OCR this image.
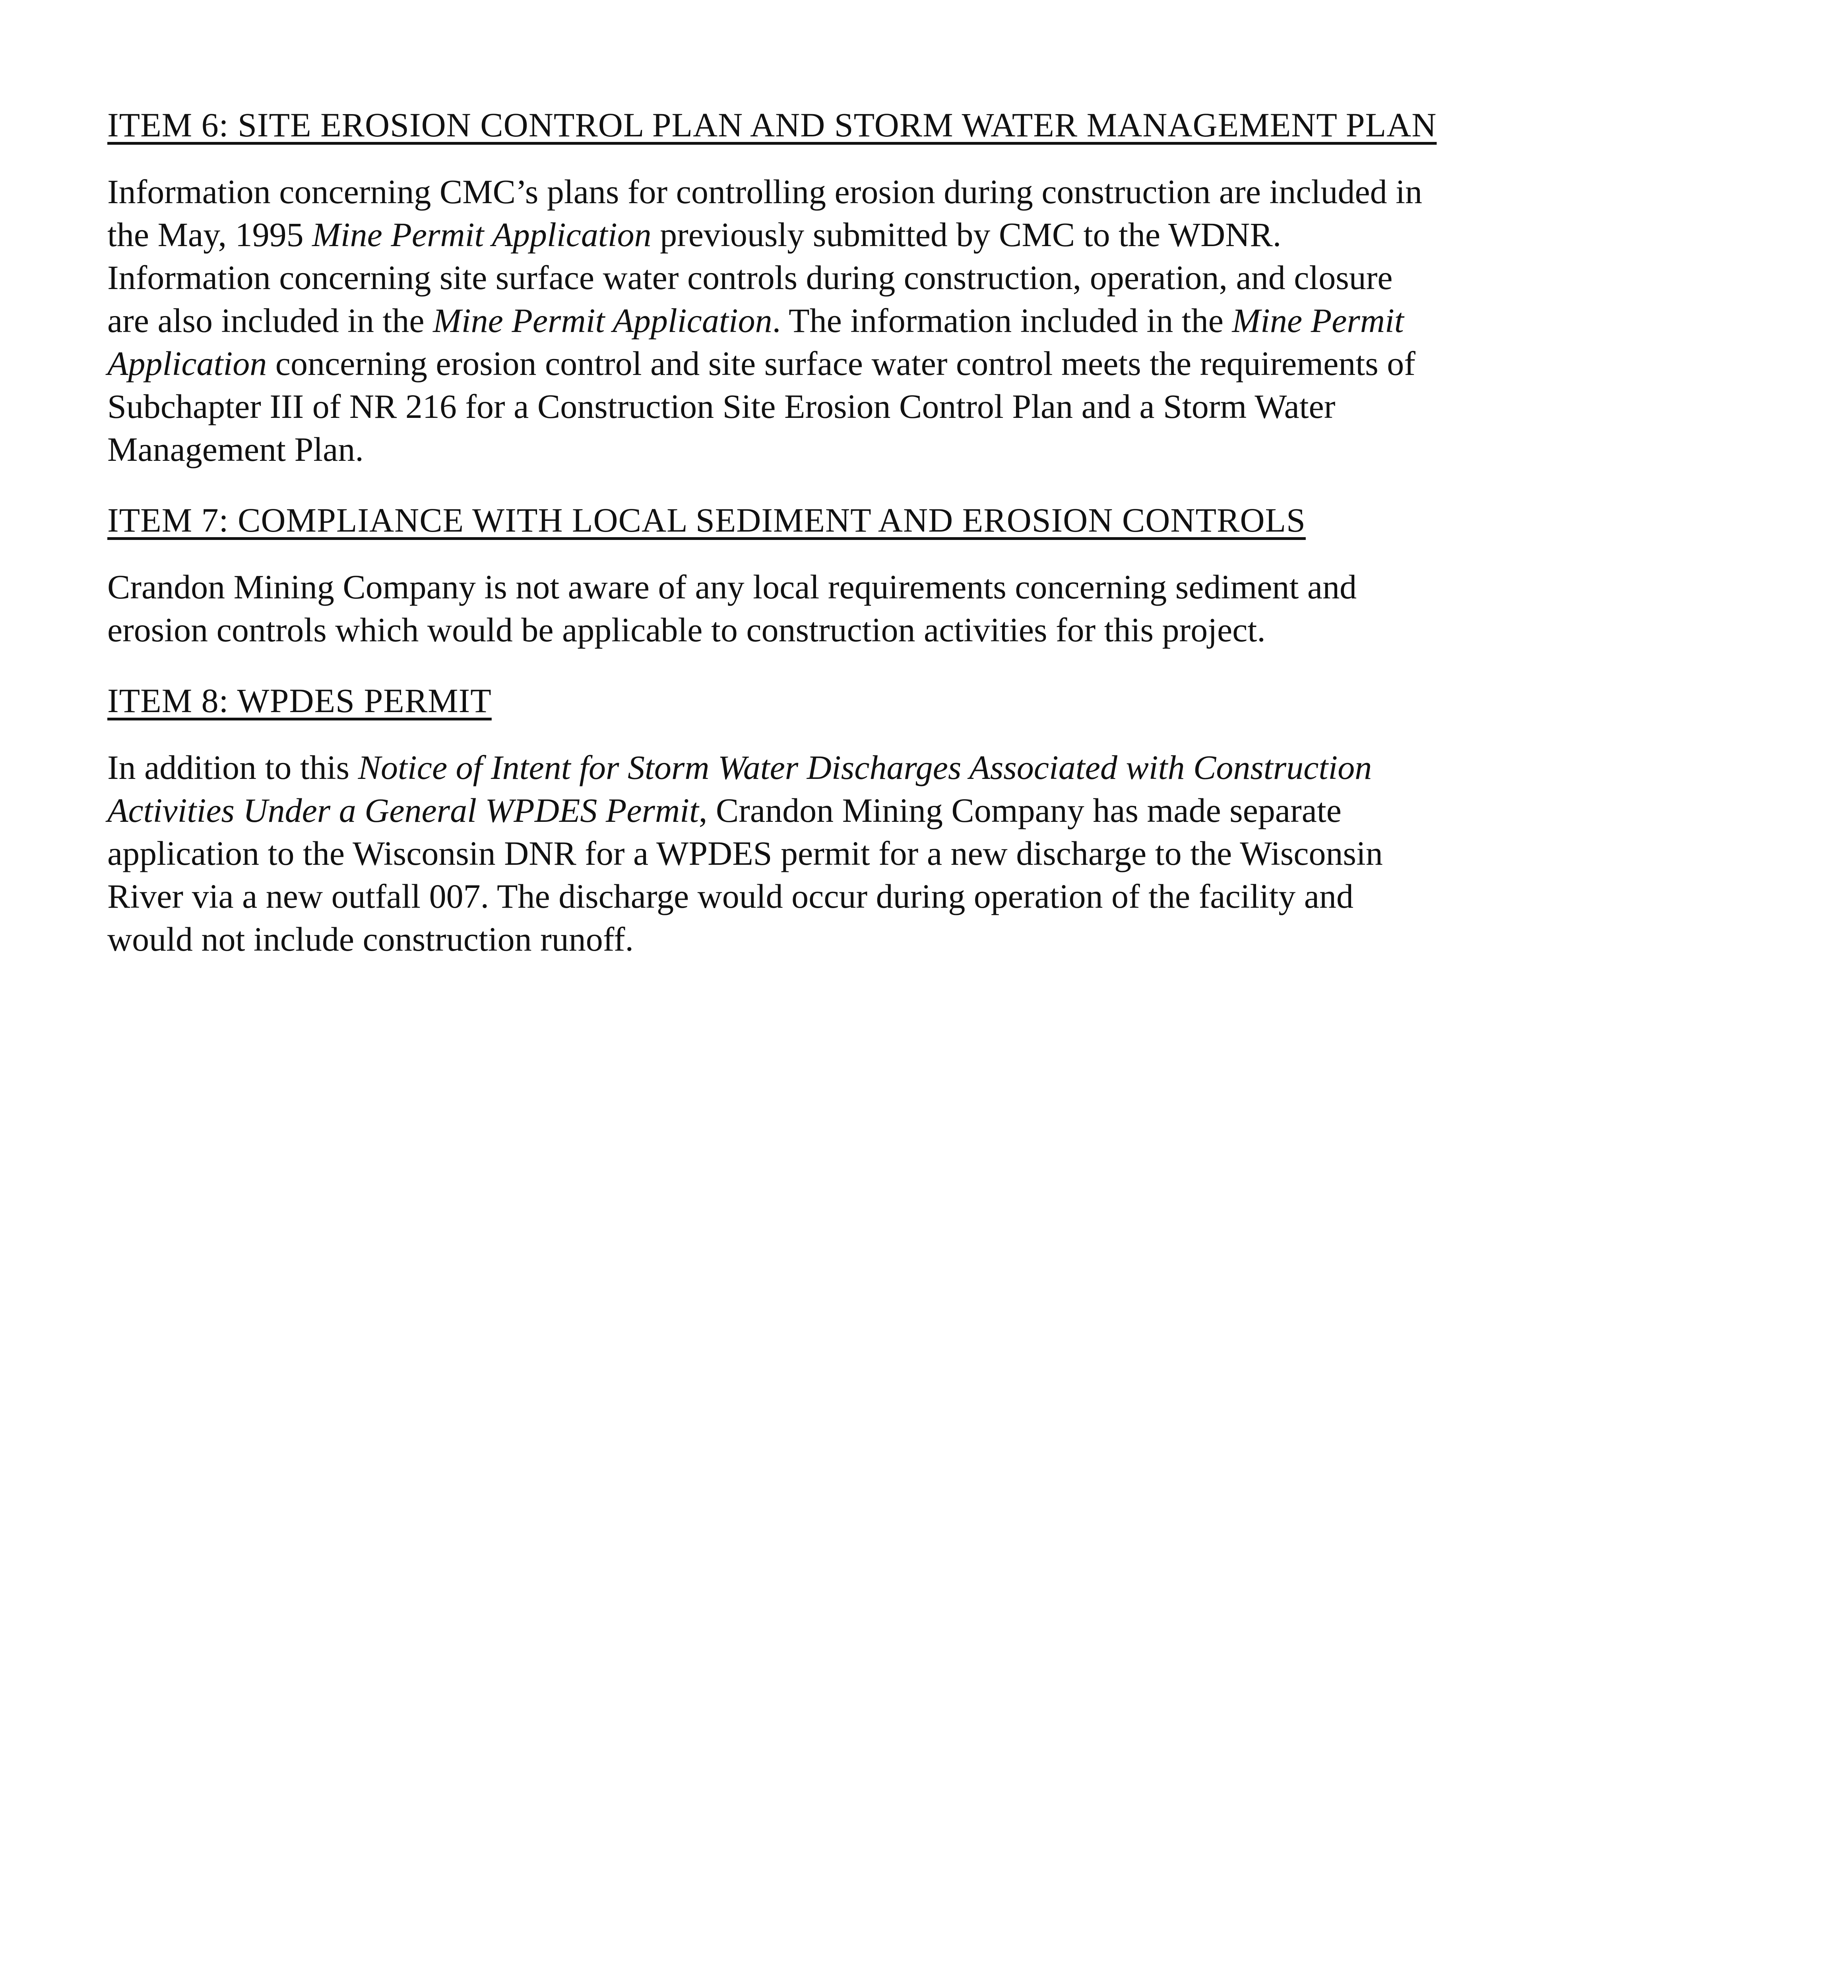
ITEM 6: SITE EROSION CONTROL PLAN AND STORM WATER MANAGEMENT PLAN
Information concerning CMC’s plans for controlling erosion during construction are included in
the May, 1995 Mine Permit Application previously submitted by CMC to the WDNR.
Information concerning site surface water controls during construction, operation, and closure
are also included in the Mine Permit Application. The information included in the Mine Permit
Application concerning erosion control and site surface water control meets the requirements of
Subchapter III of NR 216 for a Construction Site Erosion Control Plan and a Storm Water
Management Plan.
ITEM 7: COMPLIANCE WITH LOCAL SEDIMENT AND EROSION CONTROLS
Crandon Mining Company is not aware of any local requirements concerning sediment and
erosion controls which would be applicable to construction activities for this project.
ITEM 8: WPDES PERMIT
In addition to this Notice of Intent for Storm Water Discharges Associated with Construction
Activities Under a General WPDES Permit, Crandon Mining Company has made separate
application to the Wisconsin DNR for a WPDES permit for a new discharge to the Wisconsin
River via a new outfall 007. The discharge would occur during operation of the facility and
would not include construction runoff.
